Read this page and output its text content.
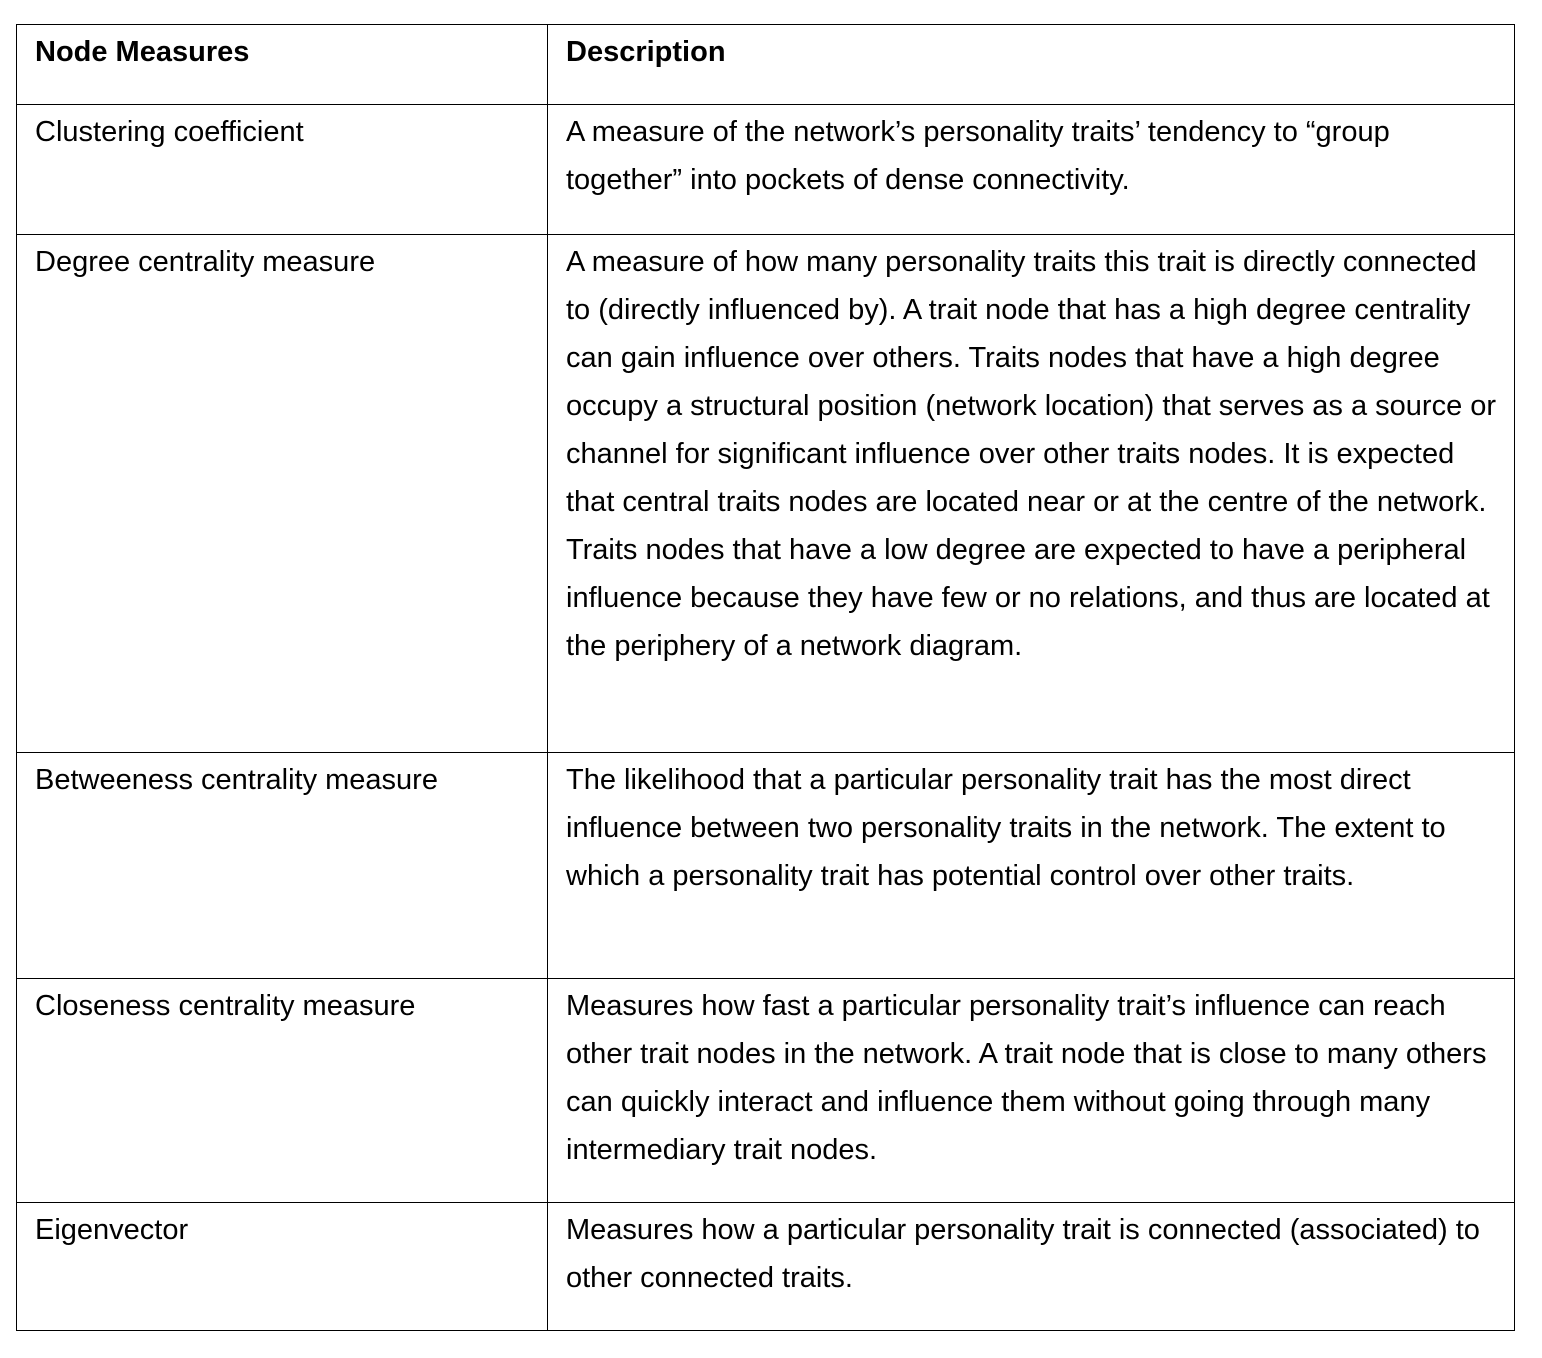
Node Measures	Description
Clustering coefficient	A measure of the network’s personality traits’ tendency to “group together” into pockets of dense connectivity.
Degree centrality measure	A measure of how many personality traits this trait is directly connected to (directly influenced by). A trait node that has a high degree centrality can gain influence over others. Traits nodes that have a high degree occupy a structural position (network location) that serves as a source or channel for significant influence over other traits nodes. It is expected that central traits nodes are located near or at the centre of the network. Traits nodes that have a low degree are expected to have a peripheral influence because they have few or no relations, and thus are located at the periphery of a network diagram.
Betweeness centrality measure	The likelihood that a particular personality trait has the most direct influence between two personality traits in the network. The extent to which a personality trait has potential control over other traits.
Closeness centrality measure	Measures how fast a particular personality trait’s influence can reach other trait nodes in the network. A trait node that is close to many others can quickly interact and influence them without going through many intermediary trait nodes.
Eigenvector	Measures how a particular personality trait is connected (associated) to other connected traits.
